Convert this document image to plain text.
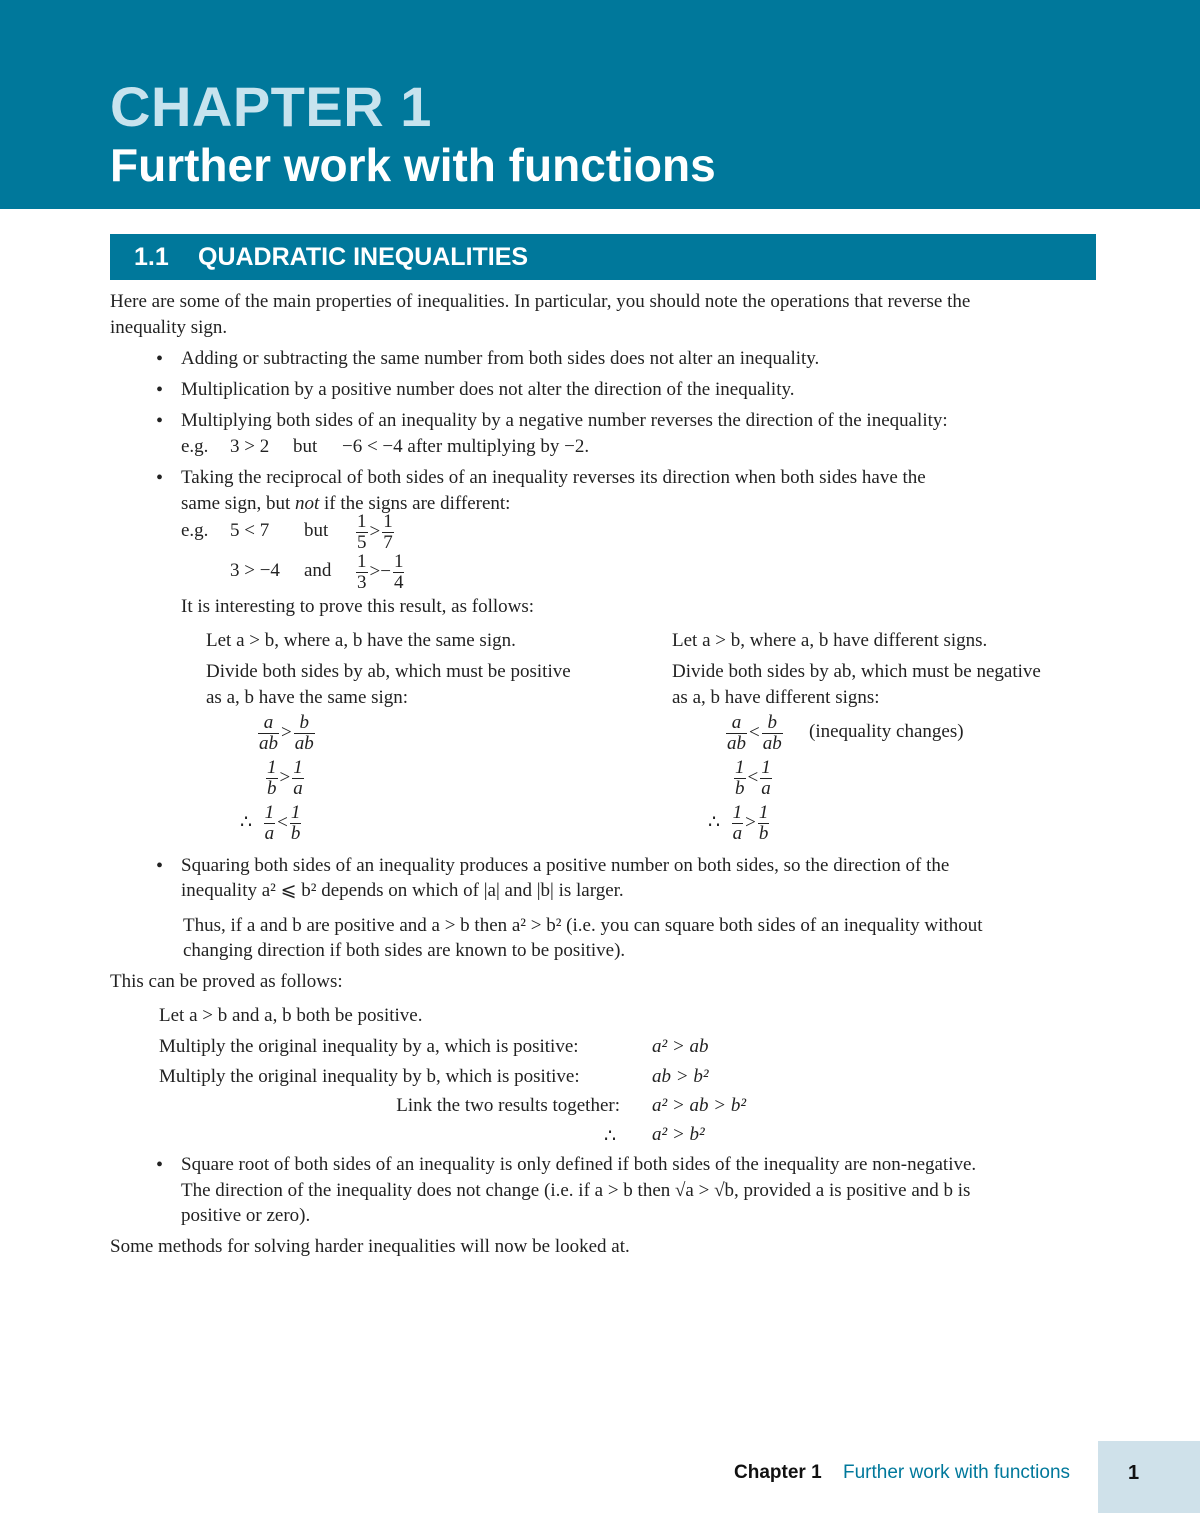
CHAPTER 1
Further work with functions
1.1 QUADRATIC INEQUALITIES
Here are some of the main properties of inequalities. In particular, you should note the operations that reverse the
inequality sign.
• Adding or subtracting the same number from both sides does not alter an inequality.
• Multiplication by a positive number does not alter the direction of the inequality.
• Multiplying both sides of an inequality by a negative number reverses the direction of the inequality:
e.g. 3 > 2 but −6 < −4 after multiplying by −2.
• Taking the reciprocal of both sides of an inequality reverses its direction when both sides have the
same sign, but not if the signs are different:
e.g. 5 < 7 but $\frac{1}{5} > \frac{1}{7}$
3 > −4 and $\frac{1}{3} >- \frac{1}{4}$
It is interesting to prove this result, as follows:
Let a > b, where a, b have the same sign.
Divide both sides by ab, which must be positive
as a, b have the same sign:
$\frac{a}{ab} > \frac{b}{ab}$
$\frac{1}{b} > \frac{1}{a}$
∴ $\frac{1}{a} < \frac{1}{b}$
Let a > b, where a, b have different signs.
Divide both sides by ab, which must be negative
as a, b have different signs:
$\frac{a}{ab} < \frac{b}{ab}$ (inequality changes)
$\frac{1}{b} < \frac{1}{a}$
∴ $\frac{1}{a} > \frac{1}{b}$
• Squaring both sides of an inequality produces a positive number on both sides, so the direction of the
inequality a² ⩽ b² depends on which of |a| and |b| is larger.
Thus, if a and b are positive and a > b then a² > b² (i.e. you can square both sides of an inequality without
changing direction if both sides are known to be positive).
This can be proved as follows:
Let a > b and a, b both be positive.
Multiply the original inequality by a, which is positive:	a² > ab
Multiply the original inequality by b, which is positive:	ab > b²
Link the two results together: a² > ab > b²
∴ a² > b²
• Square root of both sides of an inequality is only defined if both sides of the inequality are non-negative.
The direction of the inequality does not change (i.e. if a > b then √a > √b, provided a is positive and b is
positive or zero).
Some methods for solving harder inequalities will now be looked at.
Chapter 1 Further work with functions	1
